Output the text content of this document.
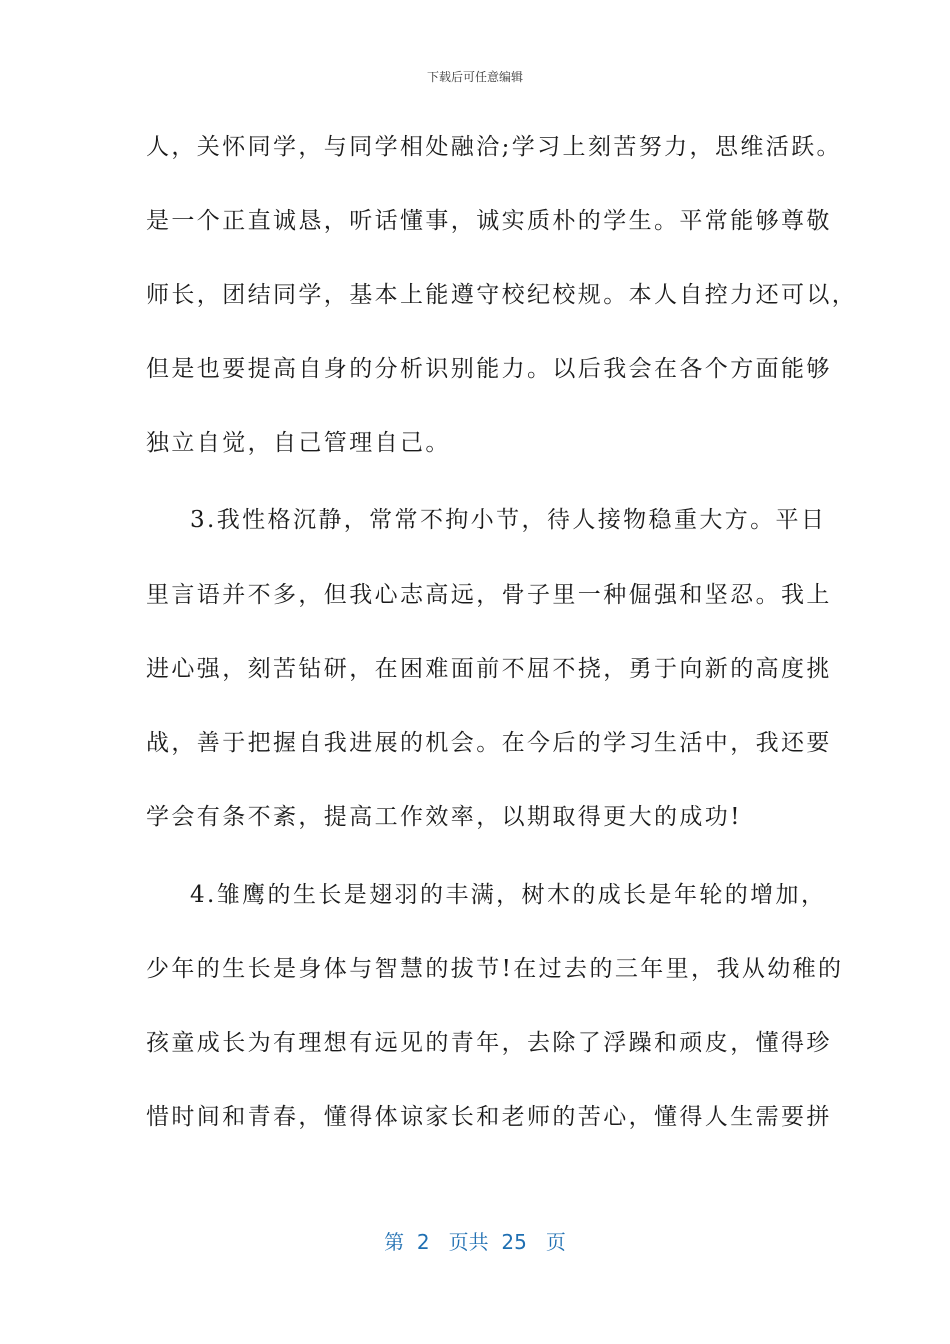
下载后可任意编辑
人，关怀同学，与同学相处融洽;学习上刻苦努力，思维活跃。
是一个正直诚恳，听话懂事，诚实质朴的学生。平常能够尊敬
师长，团结同学，基本上能遵守校纪校规。本人自控力还可以，
但是也要提高自身的分析识别能力。以后我会在各个方面能够
独立自觉，自己管理自己。
3.我性格沉静，常常不拘小节，待人接物稳重大方。平日
里言语并不多，但我心志高远，骨子里一种倔强和坚忍。我上
进心强，刻苦钻研，在困难面前不屈不挠，勇于向新的高度挑
战，善于把握自我进展的机会。在今后的学习生活中，我还要
学会有条不紊，提高工作效率，以期取得更大的成功!
4.雏鹰的生长是翅羽的丰满，树木的成长是年轮的增加，
少年的生长是身体与智慧的拔节!在过去的三年里，我从幼稚的
孩童成长为有理想有远见的青年，去除了浮躁和顽皮，懂得珍
惜时间和青春，懂得体谅家长和老师的苦心，懂得人生需要拼
第  2   页共  25   页
